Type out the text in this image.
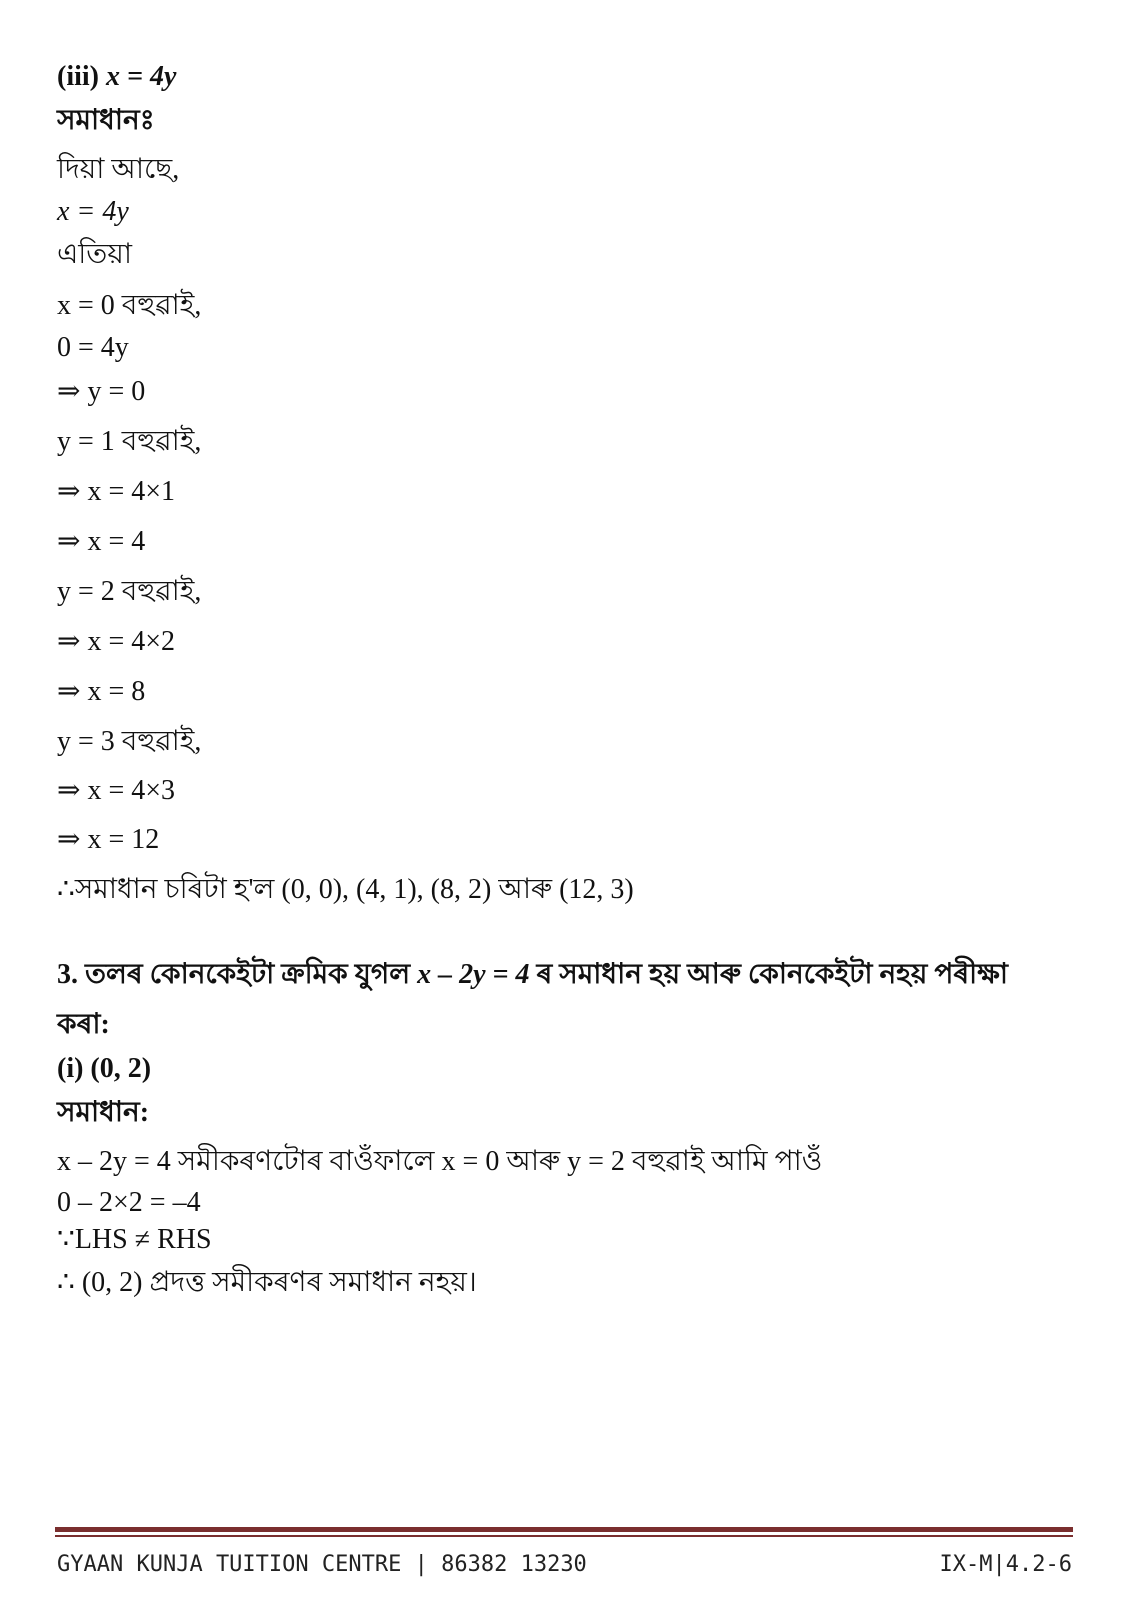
(iii) x = 4y
সমাধানঃ
দিয়া আছে,
x = 4y
এতিয়া
x = 0 বহুৱাই,
0 = 4y
⇒ y = 0
y = 1 বহুৱাই,
⇒ x = 4×1
⇒ x = 4
y = 2 বহুৱাই,
⇒ x = 4×2
⇒ x = 8
y = 3 বহুৱাই,
⇒ x = 4×3
⇒ x = 12
∴সমাধান চৰিটা হ'ল (0, 0), (4, 1), (8, 2) আৰু (12, 3)
3. তলৰ কোনকেইটা ক্ৰমিক যুগল x – 2y = 4 ৰ সমাধান হয় আৰু কোনকেইটা নহয় পৰীক্ষা কৰা:
(i) (0, 2)
সমাধান:
x – 2y = 4 সমীকৰণটোৰ বাওঁফালে x = 0 আৰু y = 2 বহুৱাই আমি পাওঁ
0 – 2×2 = –4
∵LHS ≠ RHS
∴ (0, 2) প্ৰদত্ত সমীকৰণৰ সমাধান নহয়।
GYAAN KUNJA TUITION CENTRE | 86382 13230	IX-M|4.2-6
